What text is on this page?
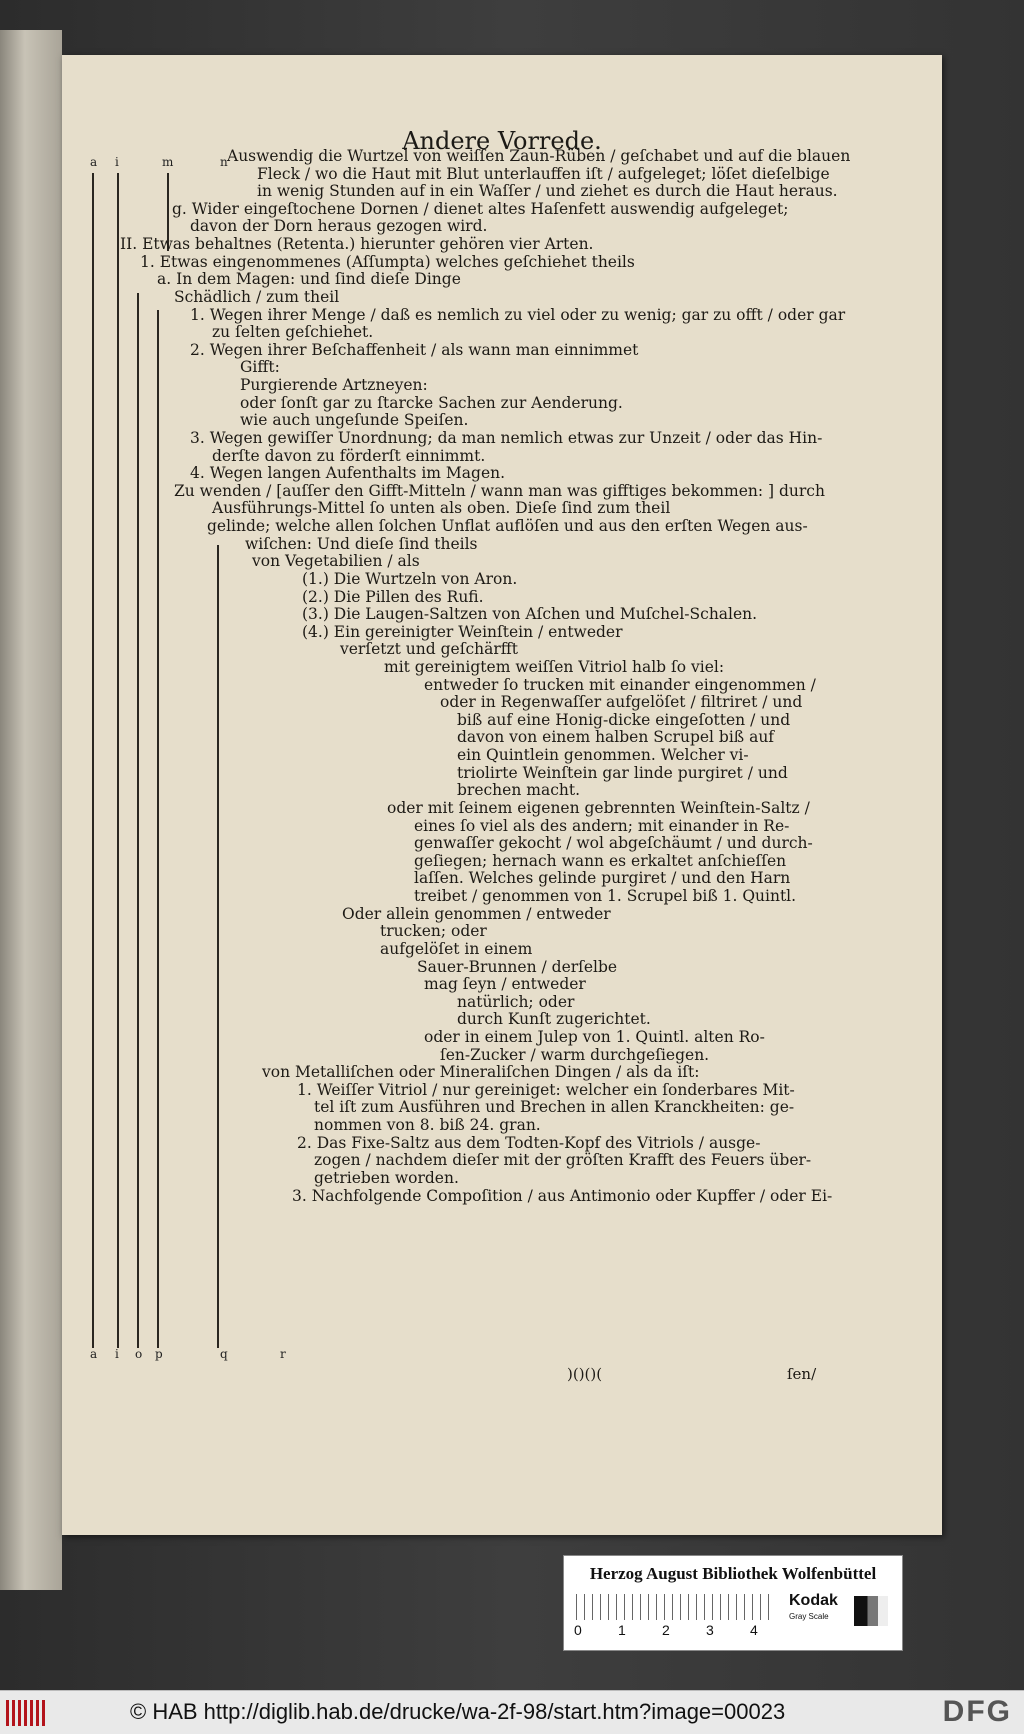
Andere Vorrede.
a i	m	n Auswendig die Wurtzel von weiſſen Zaun-Rüben / geſchabet und auf die blauen
Fleck / wo die Haut mit Blut unterlauffen iſt / aufgeleget; löſet dieſelbige
in wenig Stunden auf in ein Waſſer / und ziehet es durch die Haut heraus.
g. Wider eingeſtochene Dornen / dienet altes Haſenfett auswendig aufgeleget;
davon der Dorn heraus gezogen wird.
II. Etwas behaltnes (Retenta.) hierunter gehören vier Arten.
1. Etwas eingenommenes (Aſſumpta) welches geſchiehet theils
a. In dem Magen: und ſind dieſe Dinge
Schädlich / zum theil
1. Wegen ihrer Menge / daß es nemlich zu viel oder zu wenig; gar zu offt / oder gar
zu ſelten geſchiehet.
2. Wegen ihrer Beſchaffenheit / als wann man einnimmet
Gifft:
Purgierende Artzneyen:
oder ſonſt gar zu ſtarcke Sachen zur Aenderung.
wie auch ungeſunde Speiſen.
3. Wegen gewiſſer Unordnung; da man nemlich etwas zur Unzeit / oder das Hin-
derſte davon zu förderſt einnimmt.
4. Wegen langen Aufenthalts im Magen.
Zu wenden / [auſſer den Gifft-Mitteln / wann man was gifftiges bekommen: ] durch
Ausführungs-Mittel ſo unten als oben. Dieſe ſind zum theil
gelinde; welche allen ſolchen Unflat auflöſen und aus den erſten Wegen aus-
wiſchen: Und dieſe ſind theils
von Vegetabilien / als
(1.) Die Wurtzeln von Aron.
(2.) Die Pillen des Rufi.
(3.) Die Laugen-Saltzen von Aſchen und Muſchel-Schalen.
(4.) Ein gereinigter Weinſtein / entweder
verſetzt und geſchärfft
mit gereinigtem weiſſen Vitriol halb ſo viel:
entweder ſo trucken mit einander eingenommen /
oder in Regenwaſſer aufgelöſet / filtriret / und
biß auf eine Honig-dicke eingeſotten / und
davon von einem halben Scrupel biß auf
ein Quintlein genommen. Welcher vi-
triolirte Weinſtein gar linde purgiret / und
brechen macht.
oder mit ſeinem eigenen gebrennten Weinſtein-Saltz /
eines ſo viel als des andern; mit einander in Re-
genwaſſer gekocht / wol abgeſchäumt / und durch-
geſiegen; hernach wann es erkaltet anſchieſſen
laſſen. Welches gelinde purgiret / und den Harn
treibet / genommen von 1. Scrupel biß 1. Quintl.
Oder allein genommen / entweder
trucken; oder
aufgelöſet in einem
Sauer-Brunnen / derſelbe
mag ſeyn / entweder
natürlich; oder
durch Kunſt zugerichtet.
oder in einem Julep von 1. Quintl. alten Ro-
ſen-Zucker / warm durchgeſiegen.
von Metalliſchen oder Mineraliſchen Dingen / als da iſt:
1. Weiſſer Vitriol / nur gereiniget: welcher ein ſonderbares Mit-
tel iſt zum Ausführen und Brechen in allen Kranckheiten: ge-
nommen von 8. biß 24. gran.
2. Das Fixe-Saltz aus dem Todten-Kopf des Vitriols / ausge-
zogen / nachdem dieſer mit der gröſten Krafft des Feuers über-
getrieben worden.
3. Nachfolgende Compoſition / aus Antimonio oder Kupffer / oder Ei-
a i o p	q	r
)()()(	ſen/
Herzog August Bibliothek Wolfenbüttel
0	1	2	3	4
Kodak
Gray Scale
© HAB http://diglib.hab.de/drucke/wa-2f-98/start.htm?image=00023	DFG
